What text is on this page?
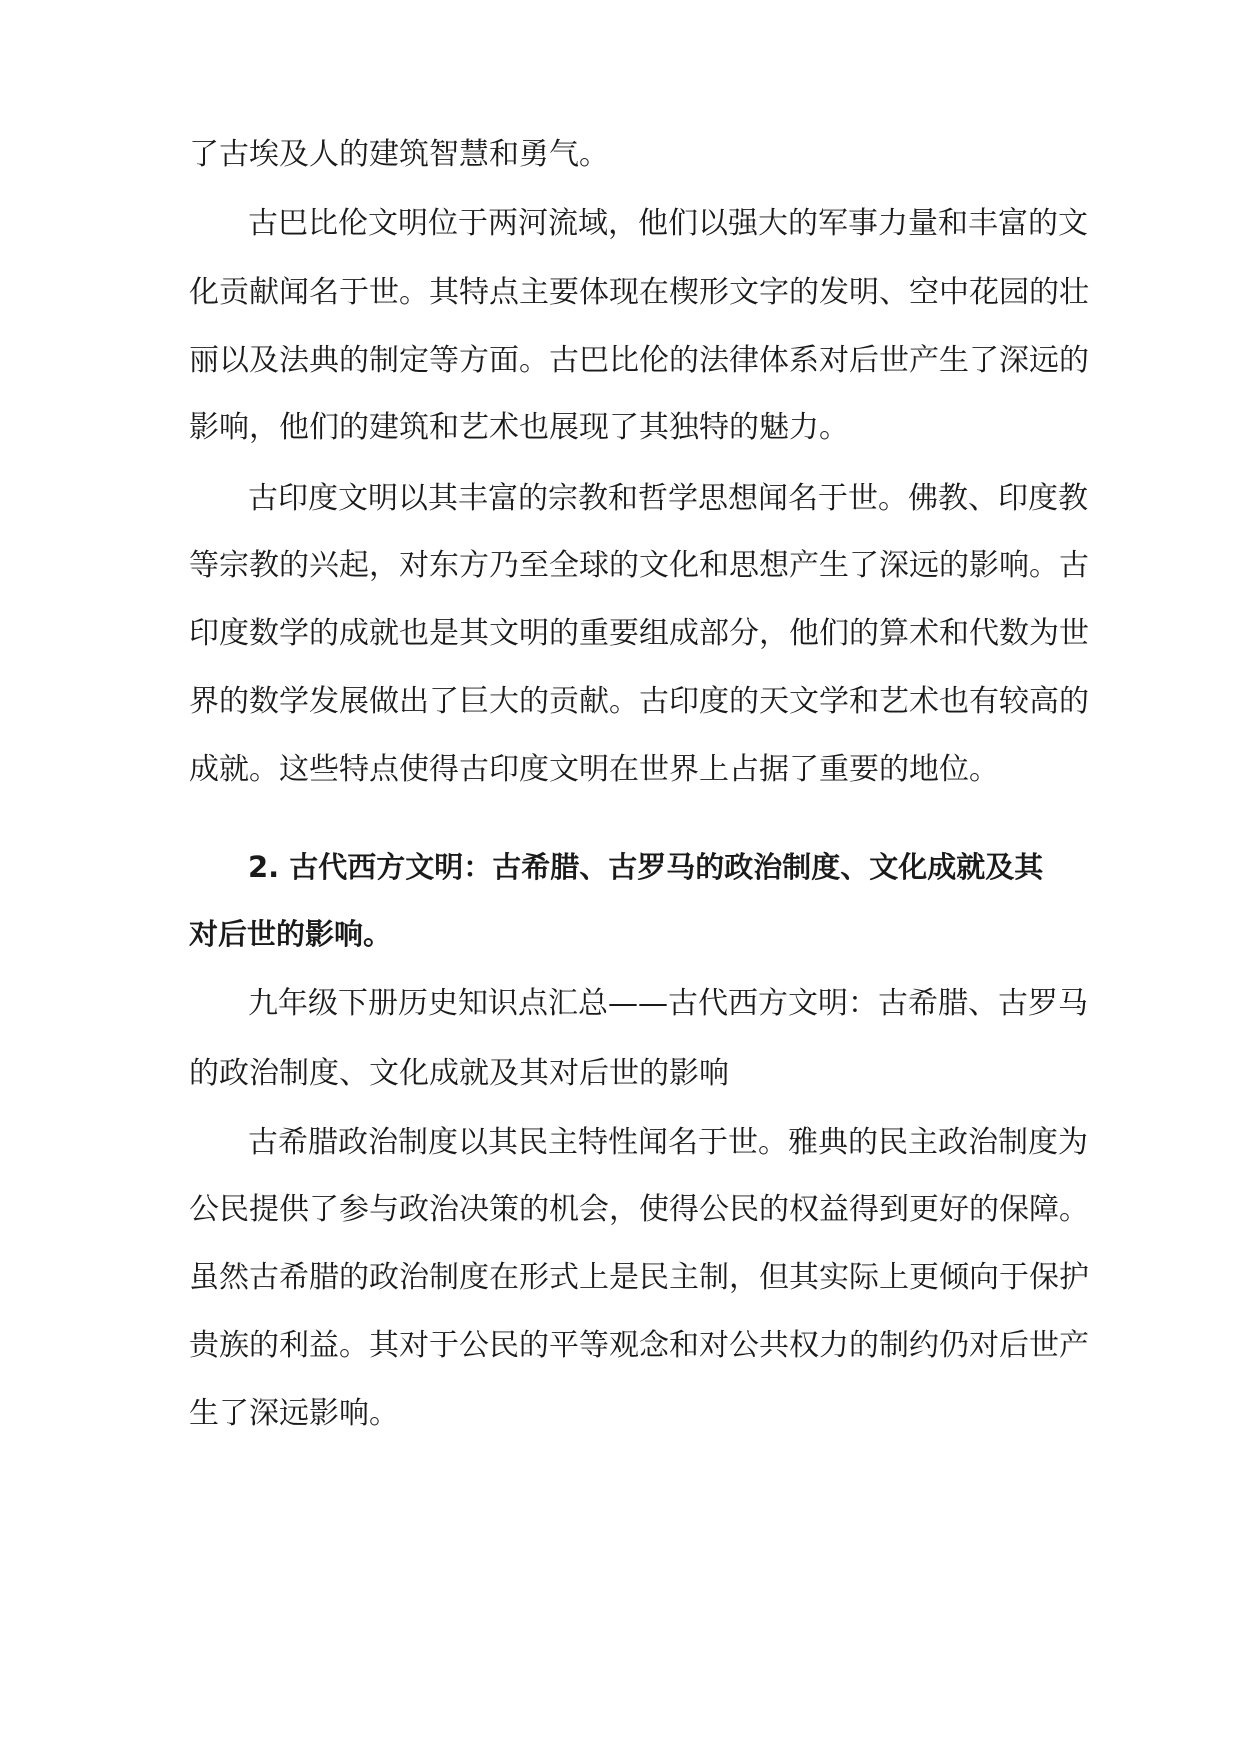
了古埃及人的建筑智慧和勇气。
古巴比伦文明位于两河流域，他们以强大的军事力量和丰富的文
化贡献闻名于世。其特点主要体现在楔形文字的发明、空中花园的壮
丽以及法典的制定等方面。古巴比伦的法律体系对后世产生了深远的
影响，他们的建筑和艺术也展现了其独特的魅力。
古印度文明以其丰富的宗教和哲学思想闻名于世。佛教、印度教
等宗教的兴起，对东方乃至全球的文化和思想产生了深远的影响。古
印度数学的成就也是其文明的重要组成部分，他们的算术和代数为世
界的数学发展做出了巨大的贡献。古印度的天文学和艺术也有较高的
成就。这些特点使得古印度文明在世界上占据了重要的地位。
2. 古代西方文明：古希腊、古罗马的政治制度、文化成就及其
对后世的影响。
九年级下册历史知识点汇总——古代西方文明：古希腊、古罗马
的政治制度、文化成就及其对后世的影响
古希腊政治制度以其民主特性闻名于世。雅典的民主政治制度为
公民提供了参与政治决策的机会，使得公民的权益得到更好的保障。
虽然古希腊的政治制度在形式上是民主制，但其实际上更倾向于保护
贵族的利益。其对于公民的平等观念和对公共权力的制约仍对后世产
生了深远影响。
